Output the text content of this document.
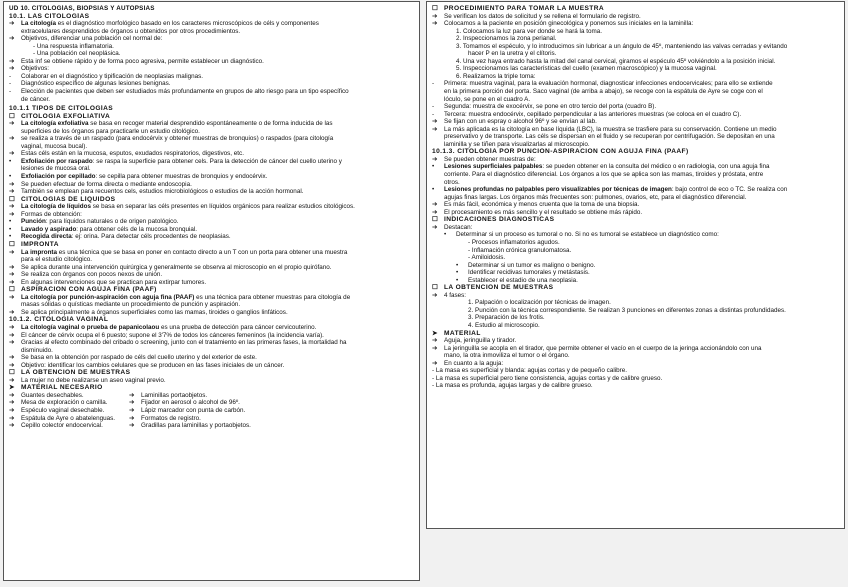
UD 10. CITOLOGÍAS, BIOPSIAS Y AUTOPSIAS
10.1. LAS CITOLOGÍAS
➔	La citología es el diagnóstico morfológico basado en los caracteres microscópicos de céls y componentes
extracelulares desprendidos de órganos u obtenidos por otros procedimientos.
➔	Objetivos, diferenciar una población cel normal de:
- Una respuesta inflamatoria.
- Una población cel neoplásica.
➔	Esta inf se obtiene rápido y de forma poco agresiva, permite establecer un diagnóstico.
➔	Objetivos:
-	Colaborar en el diagnóstico y tipificación de neoplasias malignas.
-	Diagnóstico específico de algunas lesiones benignas.
-	Elección de pacientes que deben ser estudiados más profundamente en grupos de alto riesgo para un tipo específico
de cáncer.
10.1.1 TIPOS DE CITOLOGÍAS
☐ CITOLOGÍA EXFOLIATIVA
➔	La citología exfoliativa se basa en recoger material desprendido espontáneamente o de forma inducida de las
superficies de los órganos para practicarle un estudio citológico.
➔	se realiza a través de un raspado (para endocérvix y obtener muestras de bronquios) o raspados (para citología
vaginal, mucosa bucal).
➔	Estas céls están en la mucosa, esputos, exudados respiratorios, digestivos, etc.
•	Exfoliación por raspado: se raspa la superficie para obtener cels. Para la detección de cáncer del cuello uterino y
lesiones de mucosa oral.
•	Exfoliación por cepillado: se cepilla para obtener muestras de bronquios y endocérvix.
➔	Se pueden efectuar de forma directa o mediante endoscopia.
➔	También se emplean para recuentos cels, estudios microbiológicos o estudios de la acción hormonal.
☐ CITOLOGÍAS DE LÍQUIDOS
➔	La citología de líquidos se basa en separar las céls presentes en líquidos orgánicos para realizar estudios citológicos.
➔	Formas de obtención:
•	Punción: para líquidos naturales o de origen patológico.
•	Lavado y aspirado: para obtener céls de la mucosa bronquial.
•	Recogida directa: ej: orina. Para detectar céls procedentes de neoplasias.
☐ IMPRONTA
➔	La impronta es una técnica que se basa en poner en contacto directo a un T con un porta para obtener una muestra
para el estudio citológico.
➔	Se aplica durante una intervención quirúrgica y generalmente se observa al microscopio en el propio quirófano.
➔	Se realiza con órganos con pocos nexos de unión.
➔	En algunas intervenciones que se practican para extirpar tumores.
☐ ASPIRACIÓN CON AGUJA FINA (PAAF)
➔	La citología por punción-aspiración con aguja fina (PAAF) es una técnica para obtener muestras para citología de
masas sólidas o quísticas mediante un procedimiento de punción y aspiración.
➔	Se aplica principalmente a órganos superficiales como las mamas, tiroides o ganglios linfáticos.
10.1.2. CITOLOGÍA VAGINAL
➔	La citología vaginal o prueba de papanicolaou es una prueba de detección para cáncer cervicouterino.
➔	El cáncer de cérvix ocupa el 6 puesto; supone el 3'7% de todos los cánceres femeninos (la incidencia varía).
➔	Gracias al efecto combinado del cribado o screening, junto con el tratamiento en las primeras fases, la mortalidad ha
disminuido.
➔	Se basa en la obtención por raspado de céls del cuello uterino y del exterior de este.
➔	Objetivo: identificar los cambios celulares que se producen en las fases iniciales de un cáncer.
☐ LA OBTENCIÓN DE MUESTRAS
➔	La mujer no debe realizarse un aseo vaginal previo.
➤ MATERIAL NECESARIO
➔	Guantes desechables.
➔	Mesa de exploración o camilla.
➔	Espéculo vaginal desechable.
➔	Espátula de Ayre o abatelenguas.
➔	Cepillo colector endocervical.
➔	Laminillas portaobjetos.
➔	Fijador en aerosol o alcohol de 96º.
➔	Lápiz marcador con punta de carbón.
➔	Formatos de registro.
➔	Gradillas para laminillas y portaobjetos.
☐ PROCEDIMIENTO PARA TOMAR LA MUESTRA
➔	Se verifican los datos de solicitud y se rellena el formulario de registro.
➔	Colocamos a la paciente en posición ginecológica y ponemos sus iniciales en la laminilla:
1. Colocamos la luz para ver donde se hará la toma.
2. Inspeccionamos la zona perianal.
3. Tomamos el espéculo, y lo introducimos sin lubricar a un ángulo de 45º, manteniendo las valvas cerradas y evitando
hacer P en la uretra y el clítoris.
4. Una vez haya entrado hasta la mitad del canal cervical, giramos el espéculo 45º volviéndolo a la posición inicial.
5. Inspeccionamos las características del cuello (examen macroscópico) y la mucosa vaginal.
6. Realizamos la triple toma:
-	Primera: muestra vaginal, para la evaluación hormonal, diagnosticar infecciones endocervicales; para ello se extiende
en la primera porción del porta. Saco vaginal (de arriba a abajo), se recoge con la espátula de Ayre se coge con el
lóculo, se pone en el cuadro A.
-	Segunda: muestra de exocérvix, se pone en otro tercio del porta (cuadro B).
-	Tercera: muestra endocérvix, cepillado perpendicular a las anteriores muestras (se coloca en el cuadro C).
➔	Se fijan con un espray o alcohol 96º y se envían al lab.
➔	La más aplicada es la citología en base líquida (LBC), la muestra se trasfiere para su conservación. Contiene un medio
preservativo y de transporte. Las céls se dispersan en el fluido y se recuperan por centrifugación. Se depositan en una
laminilla y se tiñen para visualizarlas al microscopio.
10.1.3. CITOLOGÍA POR PUNCIÓN-ASPIRACIÓN CON AGUJA FINA (PAAF)
➔	Se pueden obtener muestras de:
•	Lesiones superficiales palpables: se pueden obtener en la consulta del médico o en radiología, con una aguja fina
corriente. Para el diagnóstico diferencial. Los órganos a los que se aplica son las mamas, tiroides y próstata, entre
otros.
•	Lesiones profundas no palpables pero visualizables por técnicas de imagen: bajo control de eco o TC. Se realiza con
agujas finas largas. Los órganos más frecuentes son: pulmones, ovarios, etc, para el diagnóstico diferencial.
➔	Es más fácil, económica y menos cruenta que la toma de una biopsia.
➔	El procesamiento es más sencillo y el resultado se obtiene más rápido.
☐ INDICACIONES DIAGNÓSTICAS
➔	Destacan:
•	Determinar si un proceso es tumoral o no. Si no es tumoral se establece un diagnóstico como:
- Procesos inflamatorios agudos.
- Inflamación crónica granulomatosa.
- Amiloidosis.
•	Determinar si un tumor es maligno o benigno.
•	Identificar recidivas tumorales y metástasis.
•	Establecer el estadio de una neoplasia.
☐ LA OBTENCIÓN DE MUESTRAS
➔	4 fases:
1. Palpación o localización por técnicas de imagen.
2. Punción con la técnica correspondiente. Se realizan 3 punciones en diferentes zonas a distintas profundidades.
3. Preparación de los frotis.
4. Estudio al microscopio.
➤ MATERIAL
➔	Aguja, jeringuilla y tirador.
➔	La jeringuilla se acopla en el tirador, que permite obtener el vacío en el cuerpo de la jeringa accionándolo con una
mano, la otra inmoviliza el tumor o el órgano.
➔	En cuanto a la aguja:
- La masa es superficial y blanda: agujas cortas y de pequeño calibre.
- La masa es superficial pero tiene consistencia, agujas cortas y de calibre grueso.
- La masa es profunda, agujas largas y de calibre grueso.
